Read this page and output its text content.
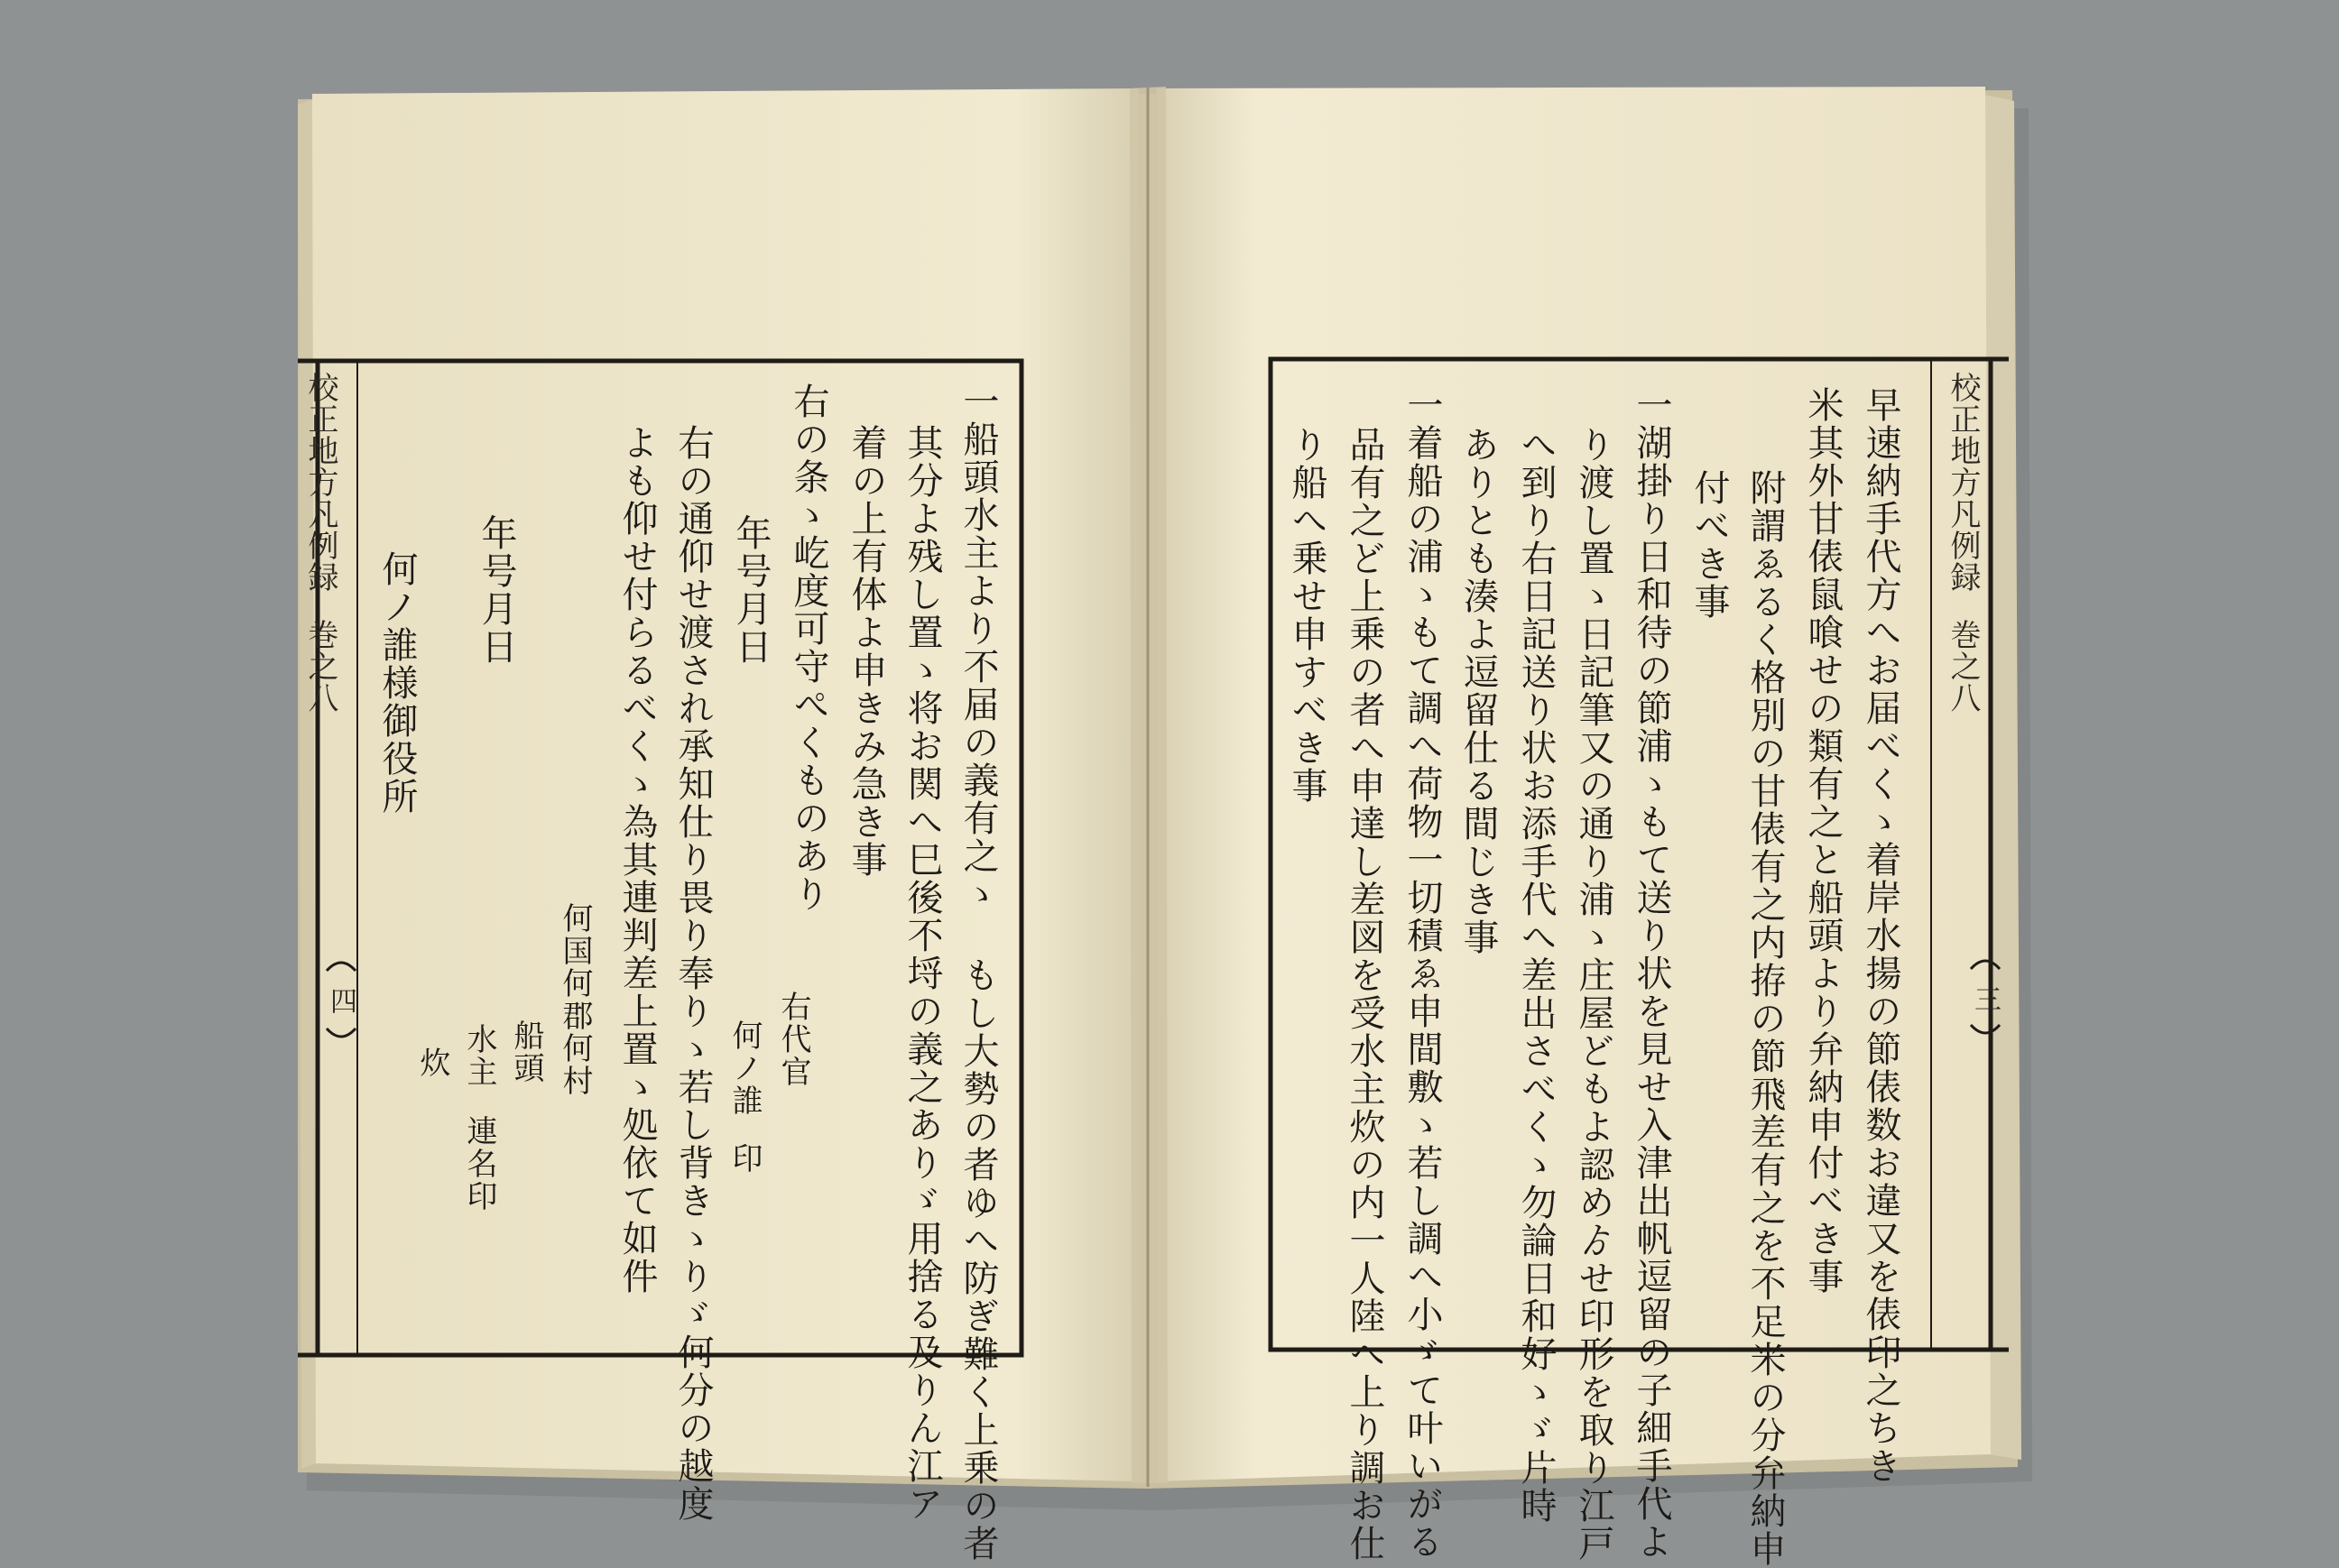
校正地方凡例録
巻之八
四
校正地方凡例録
巻之八
三
早速納手代方へお届べくゝ着岸水揚の節俵数お違又を俵印之ちき
米其外甘俵鼠喰せの類有之と船頭より弁納申付べき事
附謂ゑるく格別の甘俵有之内拵の節飛差有之を不足米の分弁納申
付べき事
一湖掛り日和待の節浦ゝもて送り状を見せ入津出帆逗留の子細手代よ
り渡し置ゝ日記筆又の通り浦ゝ庄屋どもよ認めゟせ印形を取り江戸
へ到り右日記送り状お添手代へ差出さべくゝ勿論日和好ゝゞ片時
ありとも湊よ逗留仕る間じき事
一着船の浦ゝもて調へ荷物一切積ゑ申間敷ゝ若し調へ小ゞて叶いがる
品有之ど上乗の者へ申達し差図を受水主炊の内一人陸へ上り調お仕
り船へ乗せ申すべき事
一船頭水主より不届の義有之ゝ もし大勢の者ゆへ防ぎ難く上乗の者
其分よ残し置ゝ将お関へ巳後不埒の義之ありゞ用捨る及りん江ア
着の上有体よ申きみ急き事
右の条ゝ屹度可守ぺくものあり
年号月日
右の通仰せ渡され承知仕り畏り奉りゝ若し背きゝりゞ何分の越度
よも仰せ付らるべくゝ為其連判差上置ゝ処依て如件
年号月日
何ノ誰様御役所
何国何郡何村
船頭
水主
連名印
炊	右代官
何ノ誰
印
